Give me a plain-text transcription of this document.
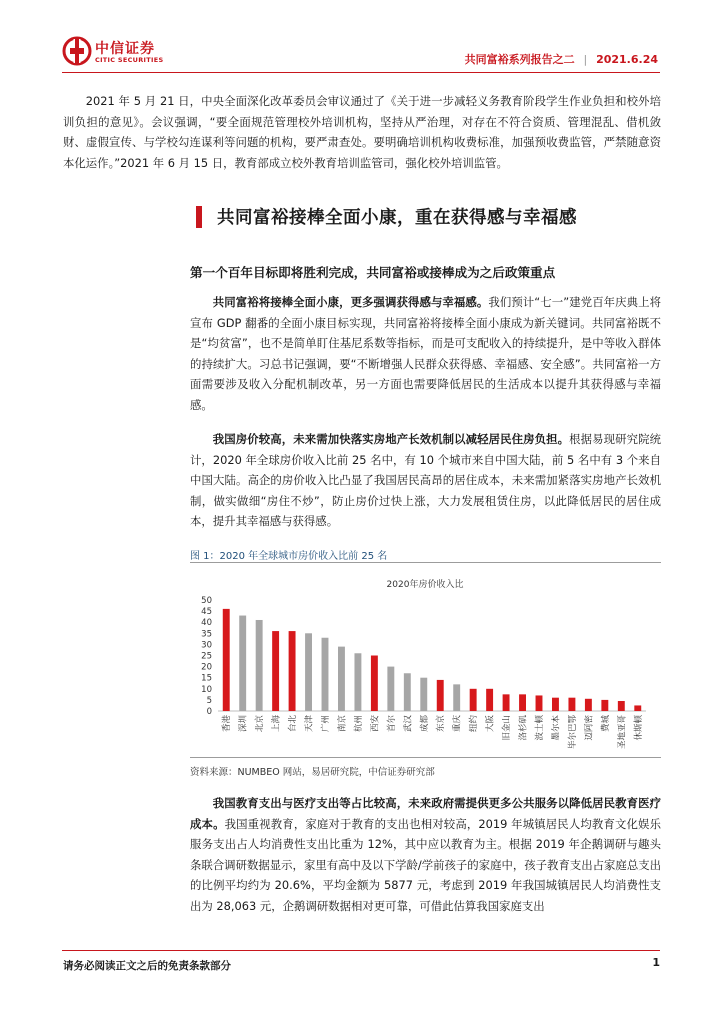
中信证券
CITIC SECURITIES	共同富裕系列报告之二 | 2021.6.24
2021 年 5 月 21 日，中央全面深化改革委员会审议通过了《关于进一步减轻义务教育阶段学生作业负担和校外培训负担的意见》。会议强调，“要全面规范管理校外培训机构，坚持从严治理，对存在不符合资质、管理混乱、借机敛财、虚假宣传、与学校勾连谋利等问题的机构，要严肃查处。要明确培训机构收费标准，加强预收费监管，严禁随意资本化运作。”2021 年 6 月 15 日，教育部成立校外教育培训监管司，强化校外培训监管。
共同富裕接棒全面小康，重在获得感与幸福感
第一个百年目标即将胜利完成，共同富裕或接棒成为之后政策重点
共同富裕将接棒全面小康，更多强调获得感与幸福感。我们预计“七一”建党百年庆典上将宣布 GDP 翻番的全面小康目标实现，共同富裕将接棒全面小康成为新关键词。共同富裕既不是“均贫富”，也不是简单盯住基尼系数等指标，而是可支配收入的持续提升，是中等收入群体的持续扩大。习总书记强调，要“不断增强人民群众获得感、幸福感、安全感”。共同富裕一方面需要涉及收入分配机制改革，另一方面也需要降低居民的生活成本以提升其获得感与幸福感。
我国房价较高，未来需加快落实房地产长效机制以减轻居民住房负担。根据易现研究院统计，2020 年全球房价收入比前 25 名中，有 10 个城市来自中国大陆，前 5 名中有 3 个来自中国大陆。高企的房价收入比凸显了我国居民高昂的居住成本，未来需加紧落实房地产长效机制，做实做细“房住不炒”，防止房价过快上涨，大力发展租赁住房，以此降低居民的居住成本，提升其幸福感与获得感。
图 1：2020 年全球城市房价收入比前 25 名
2020年房价收入比
0
5
10
15
20
25
30
35
40
45
50
香港 深圳 北京 上海 台北 天津 广州 南京 杭州 西安 首尔 武汉 成都 东京 重庆 纽约 大阪 旧金山 洛杉矶 波士顿 墨尔本 毕尔巴鄂 迈阿密 费城 圣地亚哥 休斯顿
资料来源：NUMBEO 网站，易居研究院，中信证券研究部
我国教育支出与医疗支出等占比较高，未来政府需提供更多公共服务以降低居民教育医疗成本。我国重视教育，家庭对于教育的支出也相对较高，2019 年城镇居民人均教育文化娱乐服务支出占人均消费性支出比重为 12%，其中应以教育为主。根据 2019 年企鹅调研与趣头条联合调研数据显示，家里有高中及以下学龄/学前孩子的家庭中，孩子教育支出占家庭总支出的比例平均约为 20.6%，平均金额为 5877 元，考虑到 2019 年我国城镇居民人均消费性支出为 28,063 元，企鹅调研数据相对更可靠，可借此估算我国家庭支出
请务必阅读正文之后的免责条款部分	1
